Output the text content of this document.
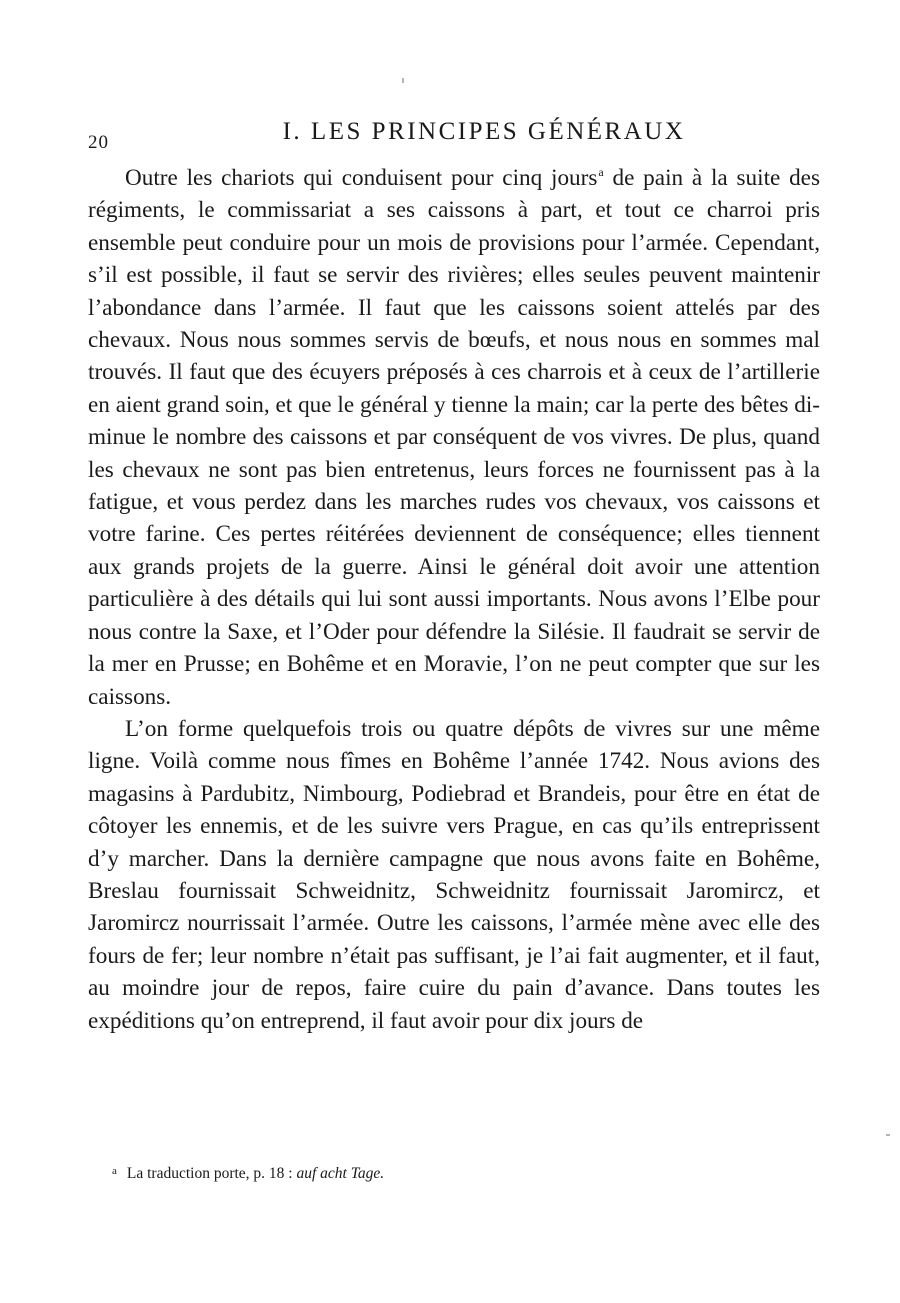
20	I. LES PRINCIPES GÉNÉRAUX

Outre les chariots qui conduisent pour cinq jours$^a$ de pain à la suite des régiments, le commissariat a ses caissons à part, et tout ce charroi pris ensemble peut conduire pour un mois de provisions pour l’armée. Cependant, s’il est possible, il faut se servir des rivières; elles seules peuvent maintenir l’abondance dans l’armée. Il faut que les caissons soient attelés par des chevaux. Nous nous sommes servis de bœufs, et nous nous en sommes mal trouvés. Il faut que des écuyers préposés à ces charrois et à ceux de l’artillerie en aient grand soin, et que le général y tienne la main; car la perte des bêtes diminue le nombre des caissons et par conséquent de vos vivres. De plus, quand les chevaux ne sont pas bien entretenus, leurs forces ne fournissent pas à la fatigue, et vous perdez dans les marches rudes vos chevaux, vos caissons et votre farine. Ces pertes réitérées deviennent de conséquence; elles tiennent aux grands projets de la guerre. Ainsi le général doit avoir une attention particulière à des détails qui lui sont aussi importants. Nous avons l’Elbe pour nous contre la Saxe, et l’Oder pour défendre la Silésie. Il faudrait se servir de la mer en Prusse; en Bohême et en Moravie, l’on ne peut compter que sur les caissons.

L’on forme quelquefois trois ou quatre dépôts de vivres sur une même ligne. Voilà comme nous fîmes en Bohême l’année 1742. Nous avions des magasins à Pardubitz, Nimbourg, Podiebrad et Brandeis, pour être en état de côtoyer les ennemis, et de les suivre vers Prague, en cas qu’ils entreprissent d’y marcher. Dans la dernière campagne que nous avons faite en Bohême, Breslau fournissait Schweidnitz, Schweidnitz fournissait Jaromircz, et Jaromircz nourrissait l’armée. Outre les caissons, l’armée mène avec elle des fours de fer; leur nombre n’était pas suffisant, je l’ai fait augmenter, et il faut, au moindre jour de repos, faire cuire du pain d’avance. Dans toutes les expéditions qu’on entreprend, il faut avoir pour dix jours de

$^a$ La traduction porte, p. 18 : auf acht Tage.
